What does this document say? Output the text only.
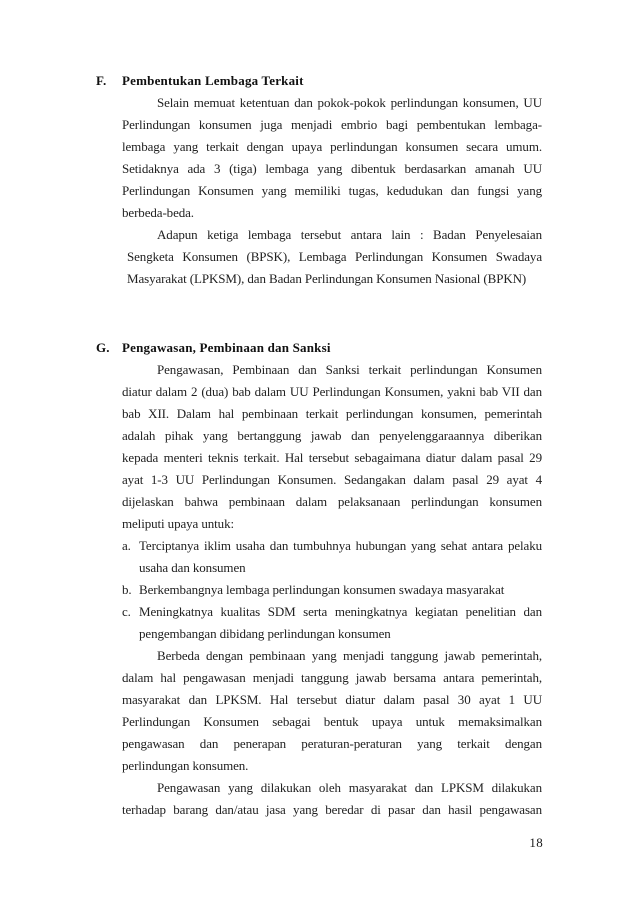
F.	Pembentukan Lembaga Terkait
Selain memuat ketentuan dan pokok-pokok perlindungan konsumen, UU
Perlindungan konsumen juga menjadi embrio bagi pembentukan lembaga-
lembaga yang terkait dengan upaya perlindungan konsumen secara umum.
Setidaknya ada 3 (tiga) lembaga yang dibentuk berdasarkan amanah UU
Perlindungan Konsumen yang memiliki tugas, kedudukan dan fungsi yang
berbeda-beda.
Adapun ketiga lembaga tersebut antara lain : Badan Penyelesaian
Sengketa Konsumen (BPSK), Lembaga Perlindungan Konsumen Swadaya
Masyarakat (LPKSM), dan Badan Perlindungan Konsumen Nasional (BPKN)
G. Pengawasan, Pembinaan dan Sanksi
Pengawasan, Pembinaan dan Sanksi terkait perlindungan Konsumen
diatur dalam 2 (dua) bab dalam UU Perlindungan Konsumen, yakni bab VII dan
bab XII. Dalam hal pembinaan terkait perlindungan konsumen, pemerintah
adalah pihak yang bertanggung jawab dan penyelenggaraannya diberikan
kepada menteri teknis terkait. Hal tersebut sebagaimana diatur dalam pasal 29
ayat 1-3 UU Perlindungan Konsumen. Sedangakan dalam pasal 29 ayat 4
dijelaskan bahwa pembinaan dalam pelaksanaan perlindungan konsumen
meliputi upaya untuk:
a. Terciptanya iklim usaha dan tumbuhnya hubungan yang sehat antara pelaku
usaha dan konsumen
b. Berkembangnya lembaga perlindungan konsumen swadaya masyarakat
c. Meningkatnya kualitas SDM serta meningkatnya kegiatan penelitian dan
pengembangan dibidang perlindungan konsumen
Berbeda dengan pembinaan yang menjadi tanggung jawab pemerintah,
dalam hal pengawasan menjadi tanggung jawab bersama antara pemerintah,
masyarakat dan LPKSM. Hal tersebut diatur dalam pasal 30 ayat 1 UU
Perlindungan Konsumen sebagai bentuk upaya untuk memaksimalkan
pengawasan dan penerapan peraturan-peraturan yang terkait dengan
perlindungan konsumen.
Pengawasan yang dilakukan oleh masyarakat dan LPKSM dilakukan
terhadap barang dan/atau jasa yang beredar di pasar dan hasil pengawasan
18
